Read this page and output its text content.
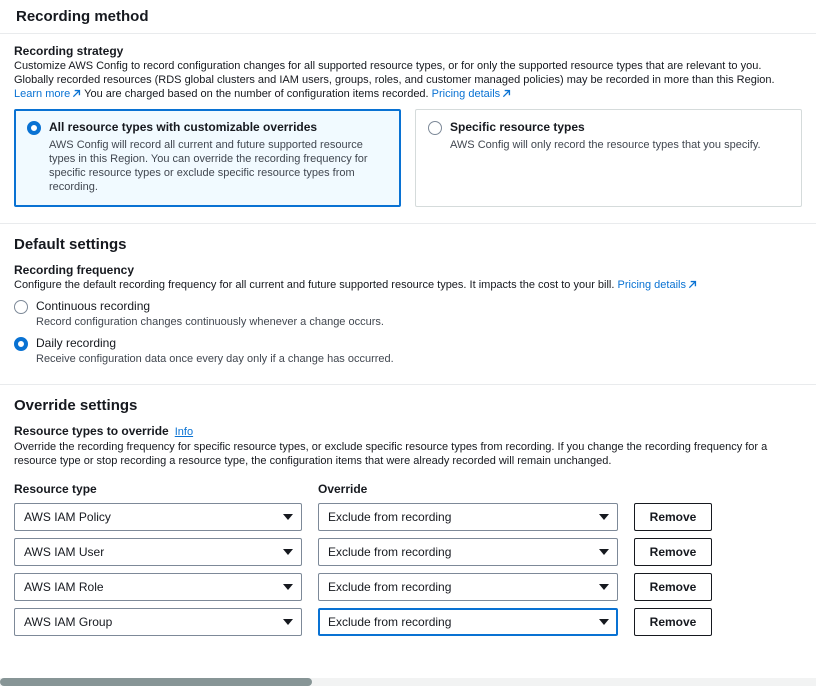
Recording method
Recording strategy

Customize AWS Config to record configuration changes for all supported resource types, or for only the supported resource types that are relevant to you. Globally recorded resources (RDS global clusters and IAM users, groups, roles, and customer managed policies) may be recorded in more than this Region. Learn more You are charged based on the number of configuration items recorded. Pricing details

All resource types with customizable overrides
AWS Config will record all current and future supported resource types in this Region. You can override the recording frequency for specific resource types or exclude specific resource types from recording.
Specific resource types
AWS Config will only record the resource types that you specify.
Default settings
Recording frequency

Configure the default recording frequency for all current and future supported resource types. It impacts the cost to your bill. Pricing details

Continuous recording
Record configuration changes continuously whenever a change occurs.
Daily recording
Receive configuration data once every day only if a change has occurred.
Override settings
Resource types to override Info

Override the recording frequency for specific resource types, or exclude specific resource types from recording. If you change the recording frequency for a resource type or stop recording a resource type, the configuration items that were already recorded will remain unchanged.

Resource type	Override
AWS IAM Policy	Exclude from recording	Remove
AWS IAM User	Exclude from recording	Remove
AWS IAM Role	Exclude from recording	Remove
AWS IAM Group	Exclude from recording	Remove
